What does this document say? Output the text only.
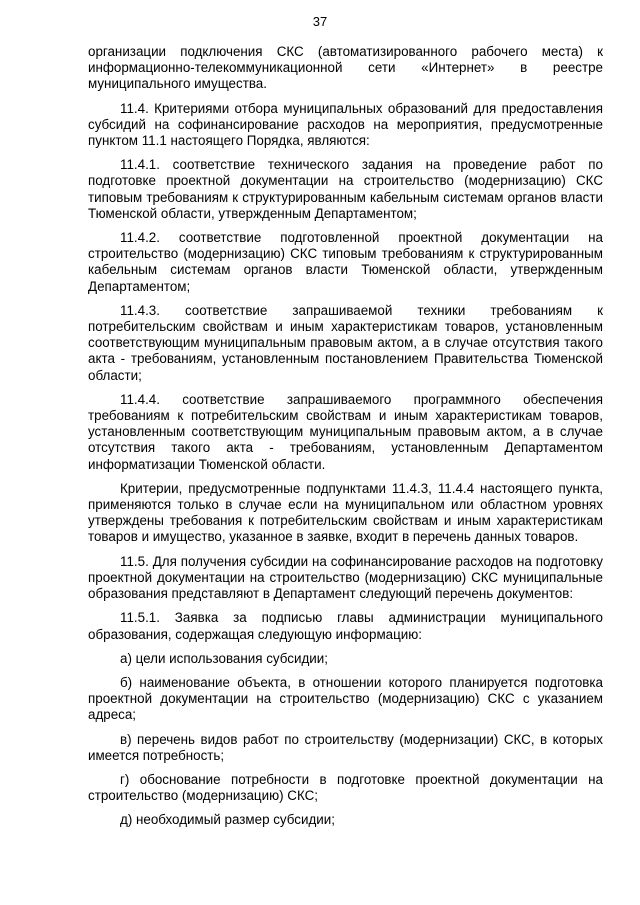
37

организации подключения СКС (автоматизированного рабочего места) к информационно-телекоммуникационной сети «Интернет» в реестре муниципального имущества.

11.4. Критериями отбора муниципальных образований для предоставления субсидий на софинансирование расходов на мероприятия, предусмотренные пунктом 11.1 настоящего Порядка, являются:

11.4.1. соответствие технического задания на проведение работ по подготовке проектной документации на строительство (модернизацию) СКС типовым требованиям к структурированным кабельным системам органов власти Тюменской области, утвержденным Департаментом;

11.4.2. соответствие подготовленной проектной документации на строительство (модернизацию) СКС типовым требованиям к структурированным кабельным системам органов власти Тюменской области, утвержденным Департаментом;

11.4.3. соответствие запрашиваемой техники требованиям к потребительским свойствам и иным характеристикам товаров, установленным соответствующим муниципальным правовым актом, а в случае отсутствия такого акта - требованиям, установленным постановлением Правительства Тюменской области;

11.4.4. соответствие запрашиваемого программного обеспечения требованиям к потребительским свойствам и иным характеристикам товаров, установленным соответствующим муниципальным правовым актом, а в случае отсутствия такого акта - требованиям, установленным Департаментом информатизации Тюменской области.

Критерии, предусмотренные подпунктами 11.4.3, 11.4.4 настоящего пункта, применяются только в случае если на муниципальном или областном уровнях утверждены требования к потребительским свойствам и иным характеристикам товаров и имущество, указанное в заявке, входит в перечень данных товаров.

11.5. Для получения субсидии на софинансирование расходов на подготовку проектной документации на строительство (модернизацию) СКС муниципальные образования представляют в Департамент следующий перечень документов:

11.5.1. Заявка за подписью главы администрации муниципального образования, содержащая следующую информацию:

а) цели использования субсидии;

б) наименование объекта, в отношении которого планируется подготовка проектной документации на строительство (модернизацию) СКС с указанием адреса;

в) перечень видов работ по строительству (модернизации) СКС, в которых имеется потребность;

г) обоснование потребности в подготовке проектной документации на строительство (модернизацию) СКС;

д) необходимый размер субсидии;
